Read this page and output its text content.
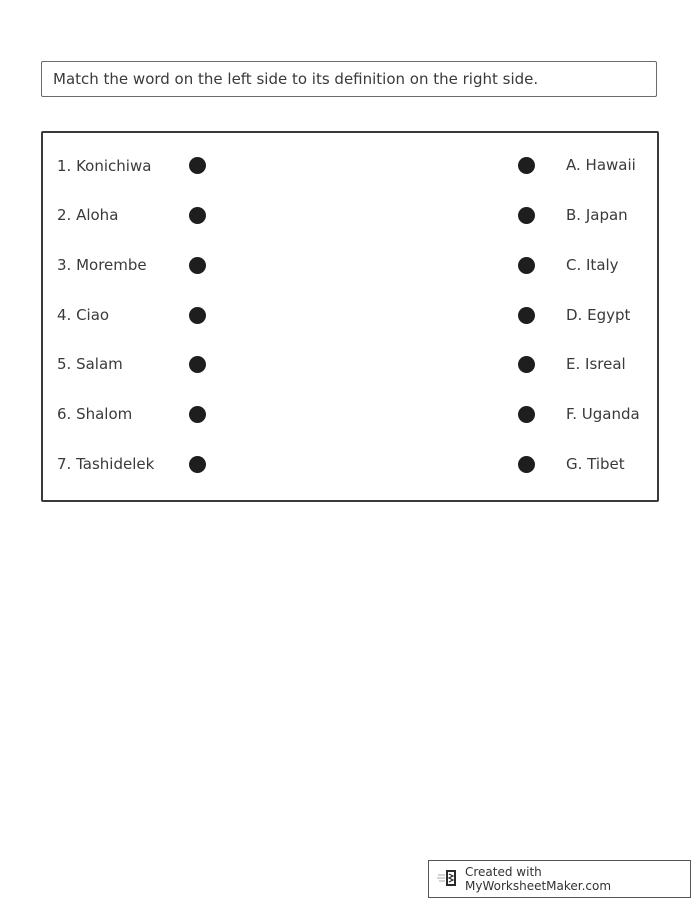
Match the word on the left side to its definition on the right side.
1. Konichiwa
2. Aloha
3. Morembe
4. Ciao
5. Salam
6. Shalom
7. Tashidelek
A. Hawaii
B. Japan
C. Italy
D. Egypt
E. Isreal
F. Uganda
G. Tibet
Created with MyWorksheetMaker.com
